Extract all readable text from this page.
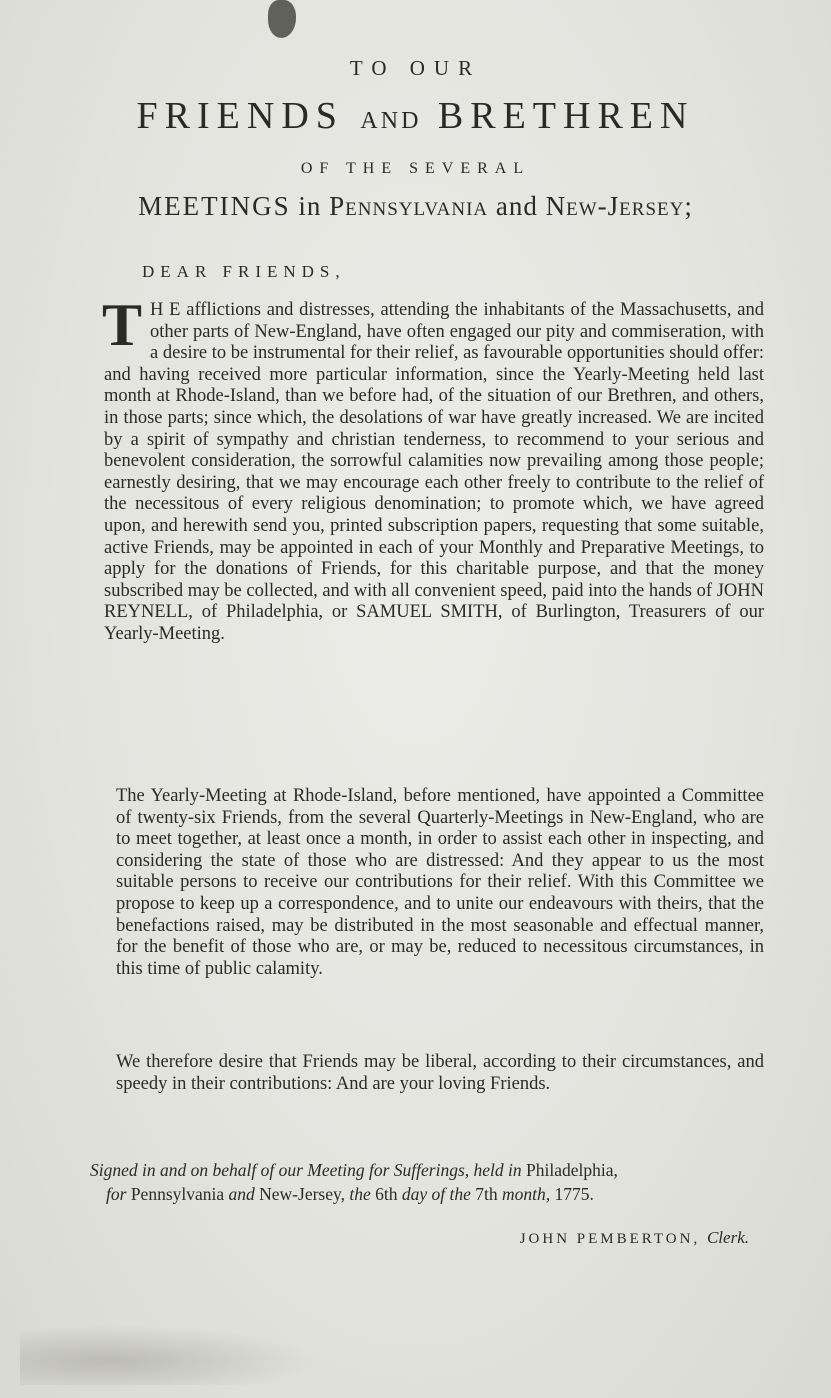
TO OUR
FRIENDS AND BRETHREN
OF THE SEVERAL
MEETINGS in Pennsylvania and New-Jersey;
DEAR FRIENDS,
T H E afflictions and distresses, attending the inhabitants of the Massachusetts, and other parts of New-England, have often engaged our pity and commiseration, with a desire to be instrumental for their relief, as favourable opportunities should offer: and having received more particular information, since the Yearly-Meeting held last month at Rhode-Island, than we before had, of the situation of our Brethren, and others, in those parts; since which, the desolations of war have greatly increased. We are incited by a spirit of sympathy and christian tenderness, to recommend to your serious and benevolent consideration, the sorrowful calamities now prevailing among those people; earnestly desiring, that we may encourage each other freely to contribute to the relief of the necessitous of every religious denomination; to promote which, we have agreed upon, and herewith send you, printed subscription papers, requesting that some suitable, active Friends, may be appointed in each of your Monthly and Preparative Meetings, to apply for the donations of Friends, for this charitable purpose, and that the money subscribed may be collected, and with all convenient speed, paid into the hands of JOHN REYNELL, of Philadelphia, or SAMUEL SMITH, of Burlington, Treasurers of our Yearly-Meeting.
The Yearly-Meeting at Rhode-Island, before mentioned, have appointed a Committee of twenty-six Friends, from the several Quarterly-Meetings in New-England, who are to meet together, at least once a month, in order to assist each other in inspecting, and considering the state of those who are distressed: And they appear to us the most suitable persons to receive our contributions for their relief. With this Committee we propose to keep up a correspondence, and to unite our endeavours with theirs, that the benefactions raised, may be distributed in the most seasonable and effectual manner, for the benefit of those who are, or may be, reduced to necessitous circumstances, in this time of public calamity.
We therefore desire that Friends may be liberal, according to their circumstances, and speedy in their contributions: And are your loving Friends.
Signed in and on behalf of our Meeting for Sufferings, held in Philadelphia,
for Pennsylvania and New-Jersey, the 6th day of the 7th month, 1775.
JOHN PEMBERTON, Clerk.
